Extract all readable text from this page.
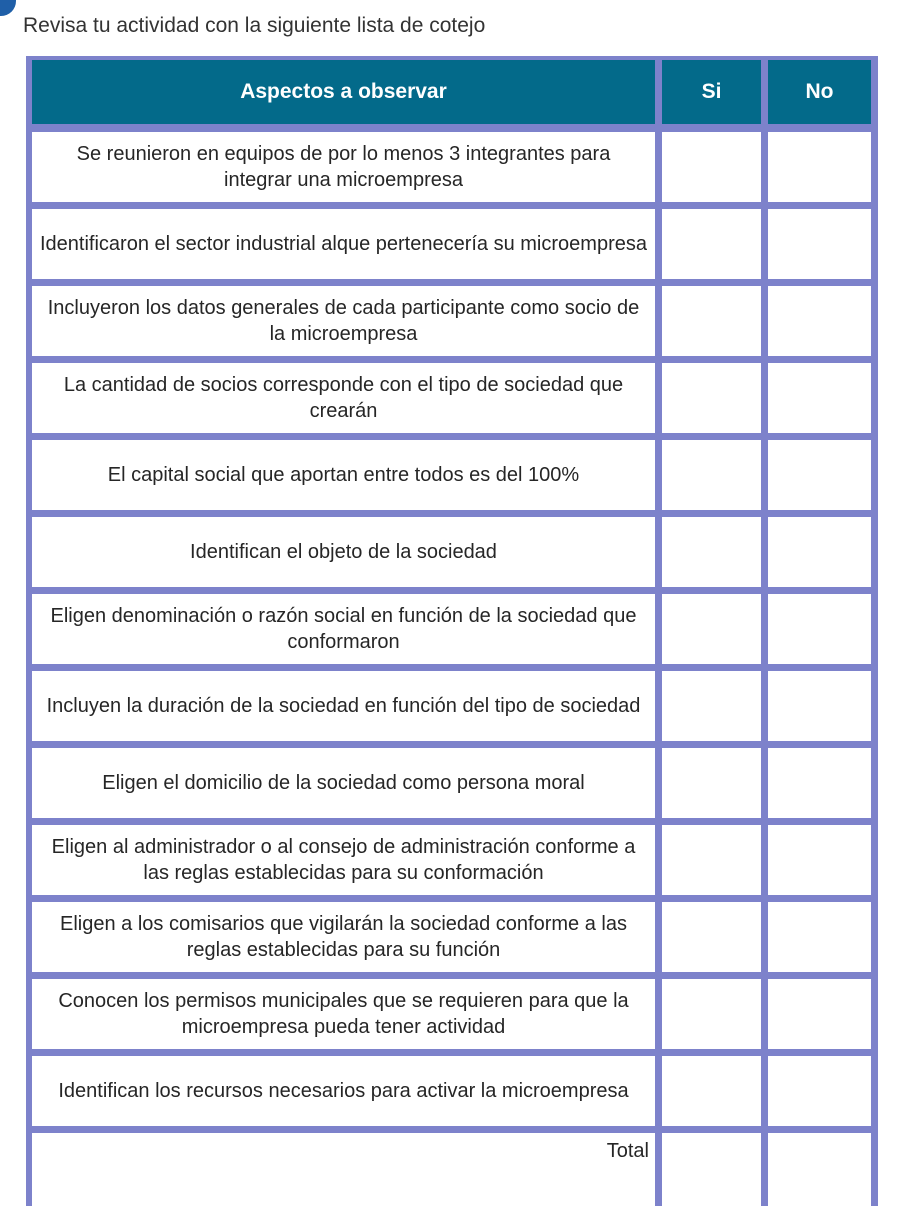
Revisa tu actividad con la siguiente lista de cotejo
Aspectos a observar	Si	No
Se reunieron en equipos de por lo menos 3 integrantes para integrar una microempresa
Identificaron el sector industrial alque pertenecería su microempresa
Incluyeron los datos generales de cada participante como socio de la microempresa
La cantidad de socios corresponde con el tipo de sociedad que crearán
El capital social que aportan entre todos es del 100%
Identifican el objeto de la sociedad
Eligen denominación o razón social en función de la sociedad que conformaron
Incluyen la duración de la sociedad en función del tipo de sociedad
Eligen el domicilio de la sociedad como persona moral
Eligen al administrador o al consejo de administración conforme a las reglas establecidas para su conformación
Eligen a los comisarios que vigilarán la sociedad conforme a las reglas establecidas para su función
Conocen los permisos municipales que se requieren para que la microempresa pueda tener actividad
Identifican los recursos necesarios para activar la microempresa
Total
